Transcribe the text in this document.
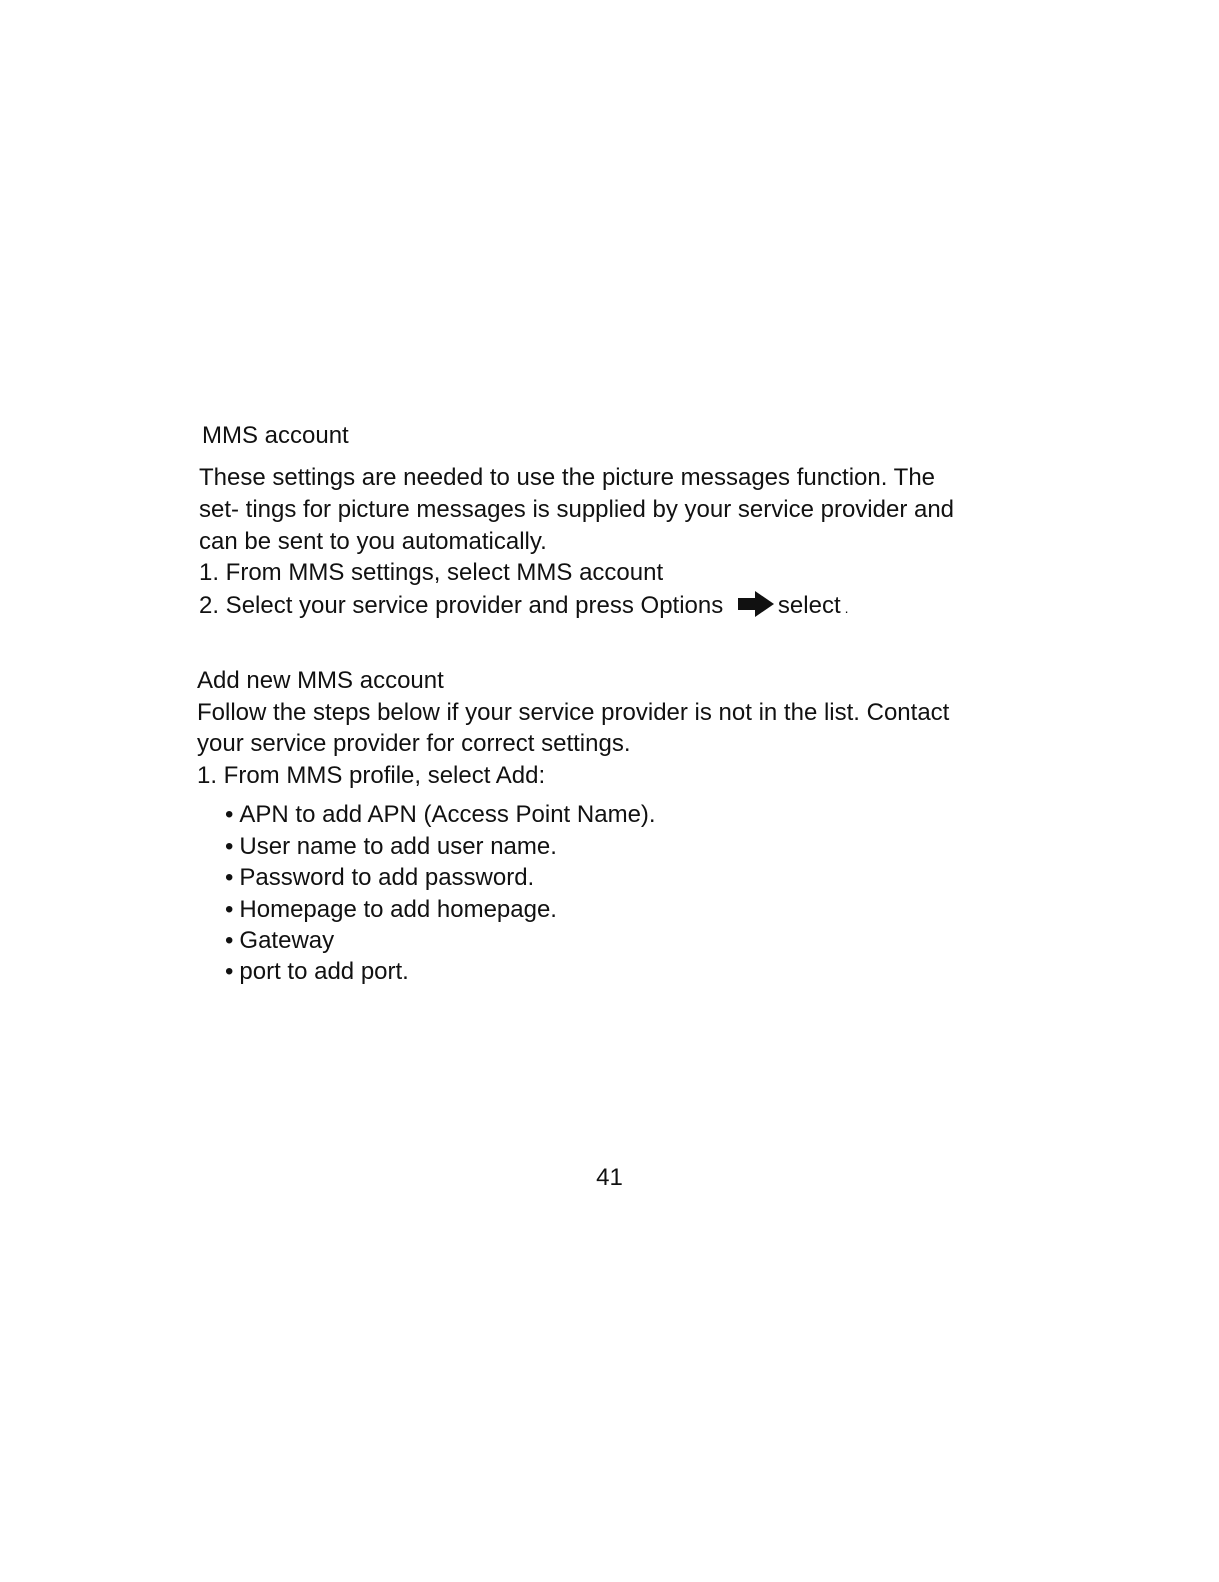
MMS account
These settings are needed to use the picture messages function. The
set- tings for picture messages is supplied by your service provider and
can be sent to you automatically.
1. From MMS settings, select MMS account
2. Select your service provider and press Options select .
Add new MMS account
Follow the steps below if your service provider is not in the list. Contact
your service provider for correct settings.
1. From MMS profile, select Add:
• APN to add APN (Access Point Name).
• User name to add user name.
• Password to add password.
• Homepage to add homepage.
• Gateway
• port to add port.
41
